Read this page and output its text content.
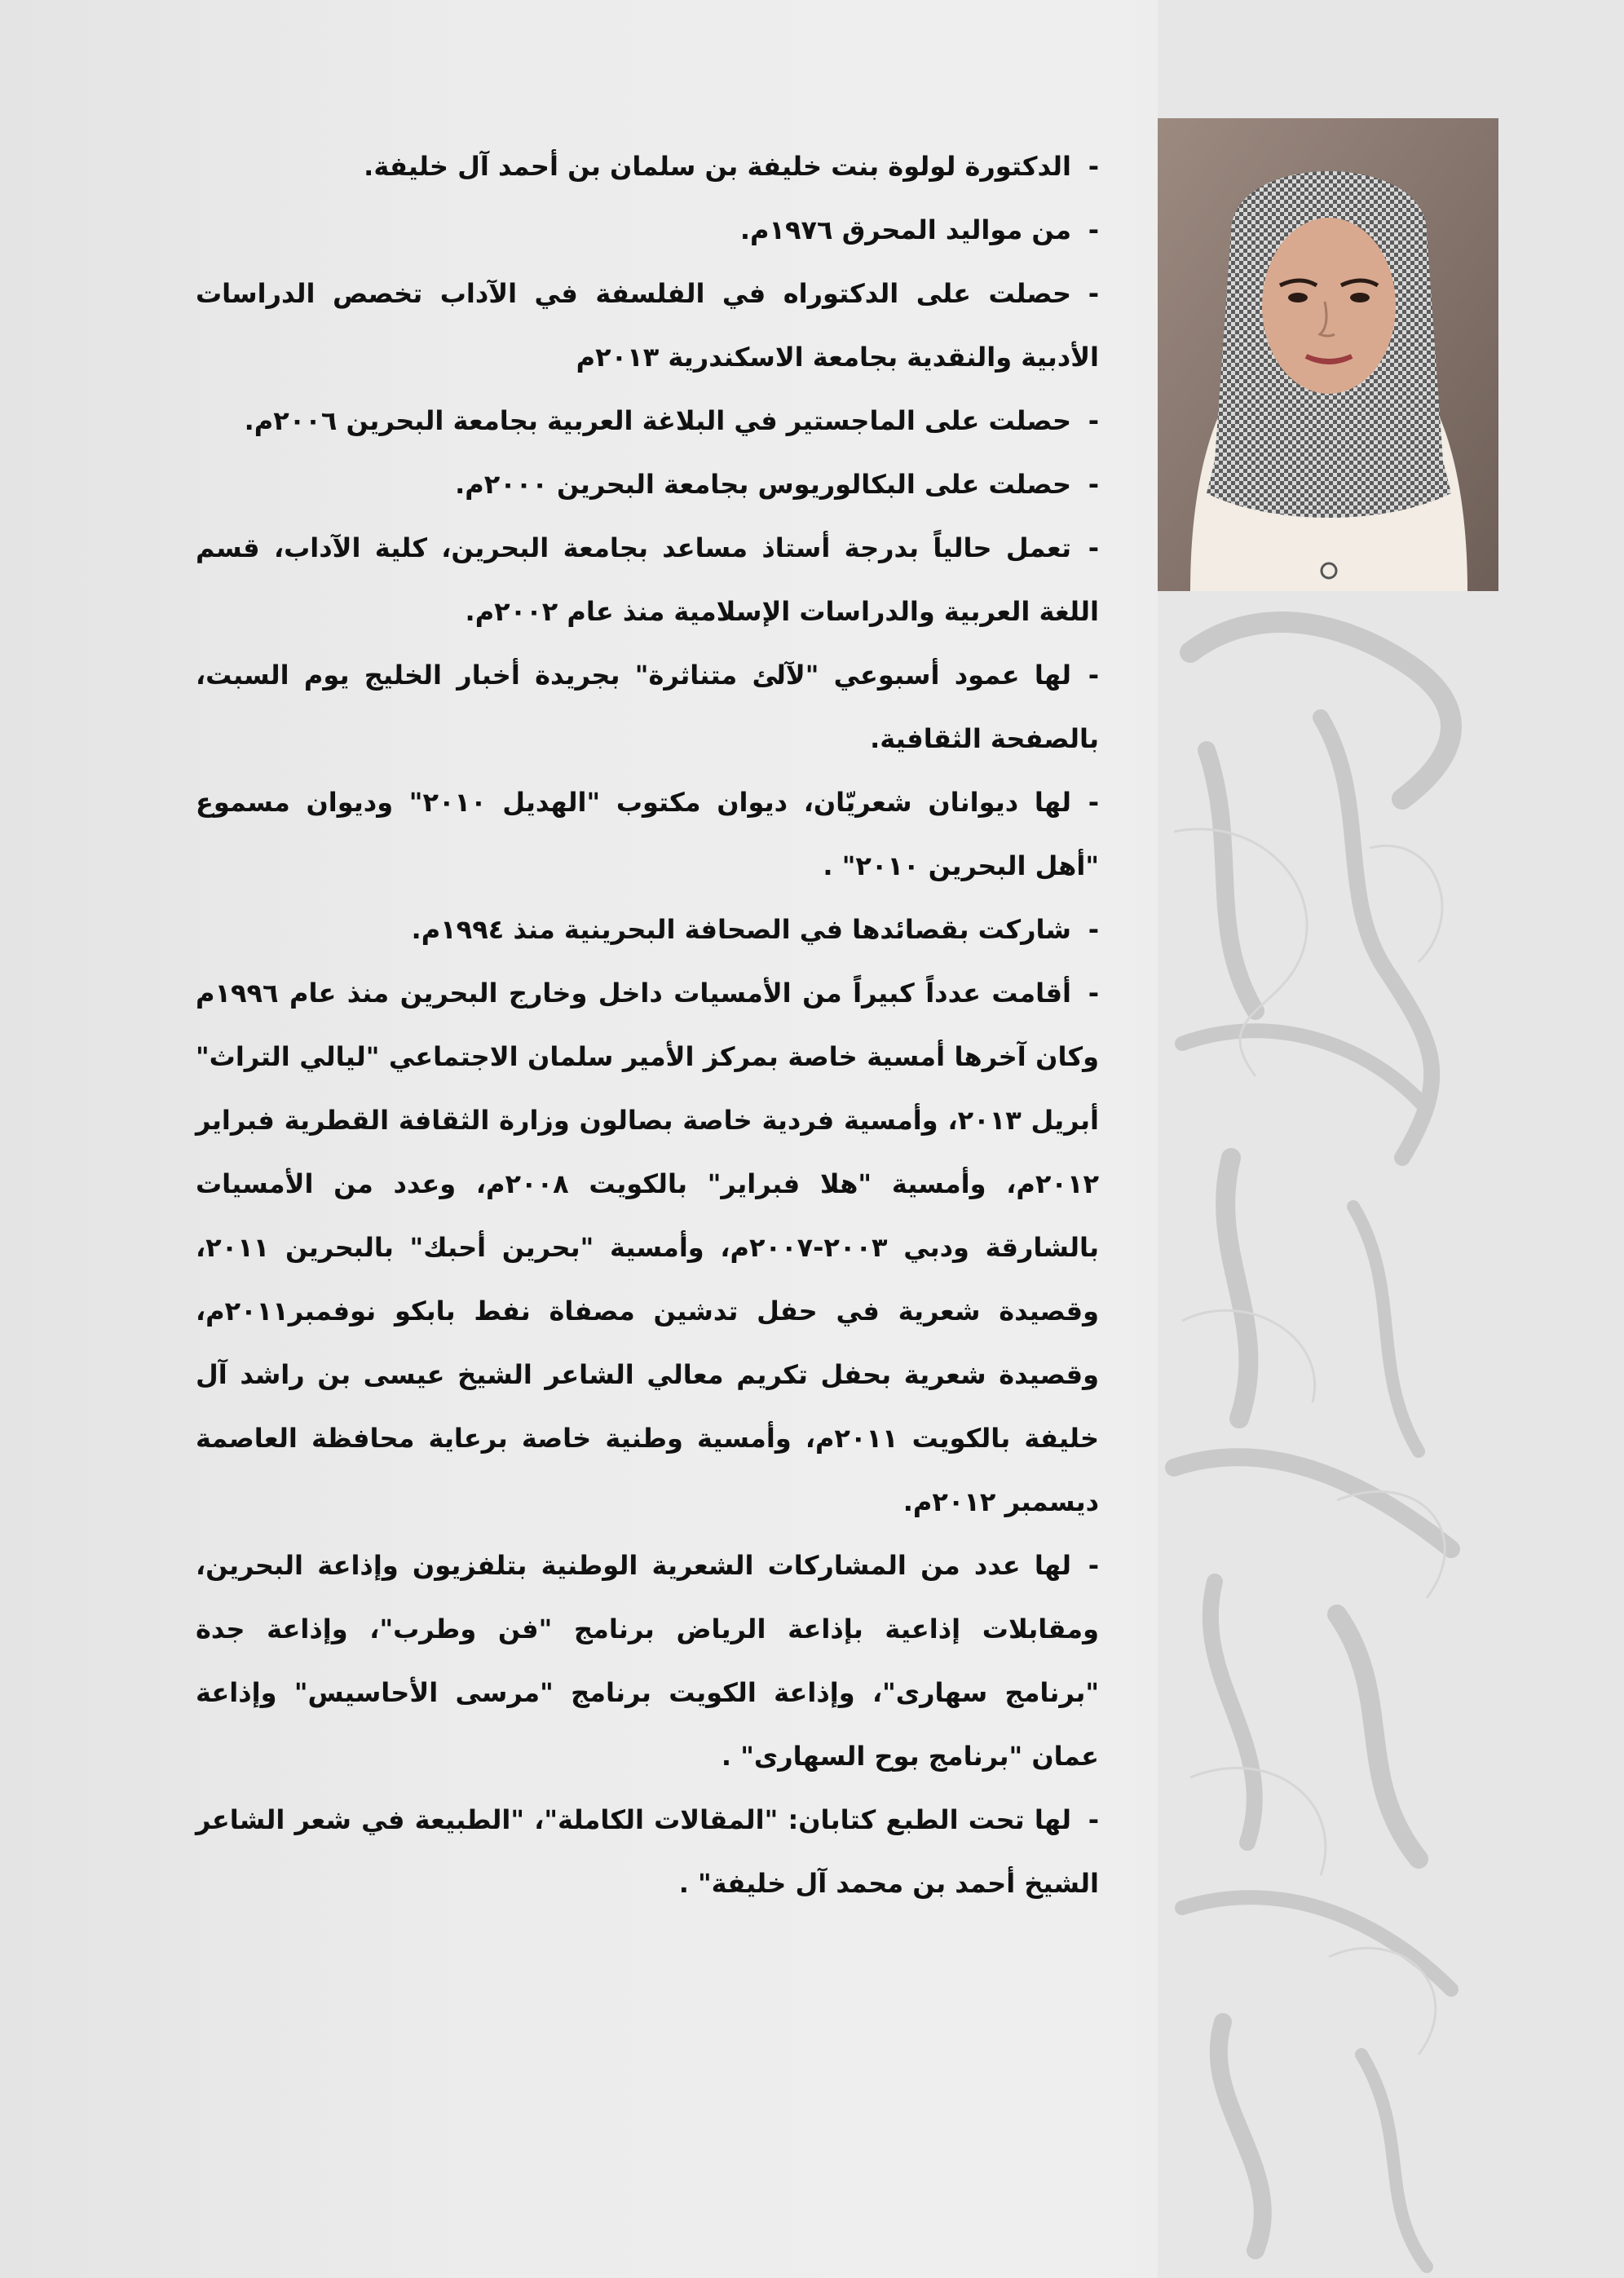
-الدكتورة لولوة بنت خليفة بن سلمان بن أحمد آل خليفة.
-من مواليد المحرق ١٩٧٦م.
-حصلت على الدكتوراه في الفلسفة في الآداب تخصص الدراسات الأدبية والنقدية بجامعة الاسكندرية ٢٠١٣م
-حصلت على الماجستير في البلاغة العربية بجامعة البحرين ٢٠٠٦م.
-حصلت على البكالوريوس بجامعة البحرين ٢٠٠٠م.
-تعمل حالياً بدرجة أستاذ مساعد بجامعة البحرين، كلية الآداب، قسم اللغة العربية والدراسات الإسلامية منذ عام ٢٠٠٢م.
-لها عمود أسبوعي "لآلئ متناثرة" بجريدة أخبار الخليج يوم السبت، بالصفحة الثقافية.
-لها ديوانان شعريّان، ديوان مكتوب "الهديل ٢٠١٠" وديوان مسموع "أهل البحرين ٢٠١٠" .
-شاركت بقصائدها في الصحافة البحرينية منذ ١٩٩٤م.
-أقامت عدداً كبيراً من الأمسيات داخل وخارج البحرين منذ عام ١٩٩٦م وكان آخرها أمسية خاصة بمركز الأمير سلمان الاجتماعي "ليالي التراث" أبريل ٢٠١٣، وأمسية فردية خاصة بصالون وزارة الثقافة القطرية فبراير ٢٠١٢م، وأمسية "هلا فبراير" بالكويت ٢٠٠٨م، وعدد من الأمسيات بالشارقة ودبي ٢٠٠٣-٢٠٠٧م، وأمسية "بحرين أحبك" بالبحرين ٢٠١١، وقصيدة شعرية في حفل تدشين مصفاة نفط بابكو نوفمبر٢٠١١م، وقصيدة شعرية بحفل تكريم معالي الشاعر الشيخ عيسى بن راشد آل خليفة بالكويت ٢٠١١م، وأمسية وطنية خاصة برعاية محافظة العاصمة ديسمبر ٢٠١٢م.
-لها عدد من المشاركات الشعرية الوطنية بتلفزيون وإذاعة البحرين، ومقابلات إذاعية بإذاعة الرياض برنامج "فن وطرب"، وإذاعة جدة "برنامج سهارى"، وإذاعة الكويت برنامج "مرسى الأحاسيس" وإذاعة عمان "برنامج بوح السهارى" .
-لها تحت الطبع كتابان: "المقالات الكاملة"، "الطبيعة في شعر الشاعر الشيخ أحمد بن محمد آل خليفة" .
